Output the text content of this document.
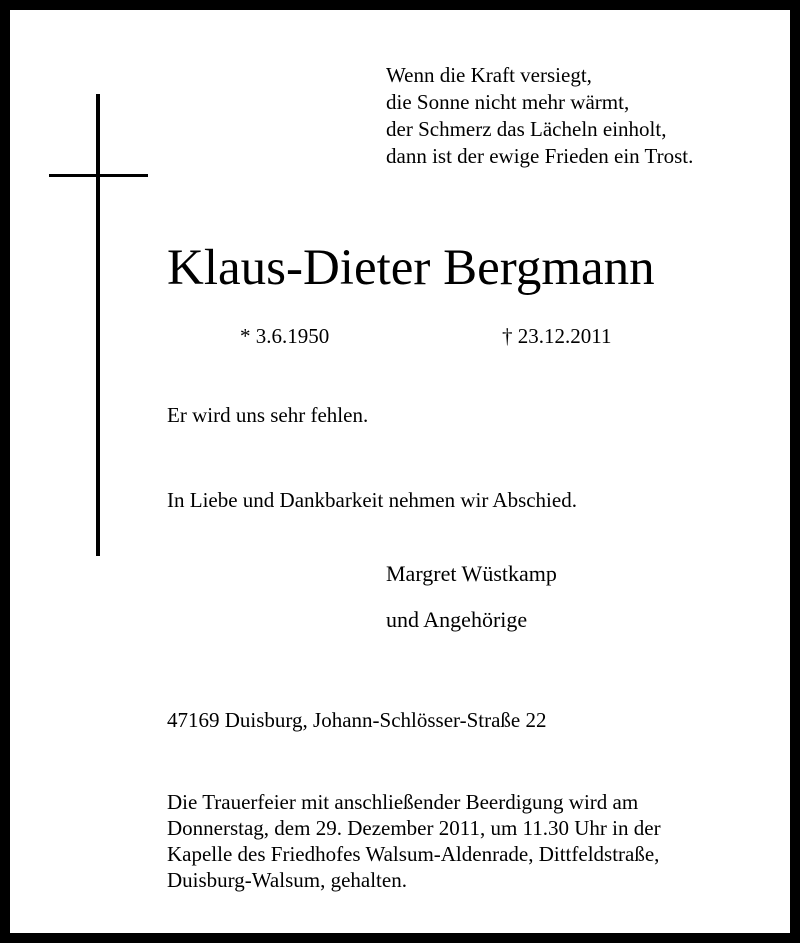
Wenn die Kraft versiegt,
die Sonne nicht mehr wärmt,
der Schmerz das Lächeln einholt,
dann ist der ewige Frieden ein Trost.
Klaus-Dieter Bergmann
* 3.6.1950	† 23.12.2011
Er wird uns sehr fehlen.
In Liebe und Dankbarkeit nehmen wir Abschied.
Margret Wüstkamp
und Angehörige
47169 Duisburg, Johann-Schlösser-Straße 22
Die Trauerfeier mit anschließender Beerdigung wird am
Donnerstag, dem 29. Dezember 2011, um 11.30 Uhr in der
Kapelle des Friedhofes Walsum-Aldenrade, Dittfeldstraße,
Duisburg-Walsum, gehalten.
